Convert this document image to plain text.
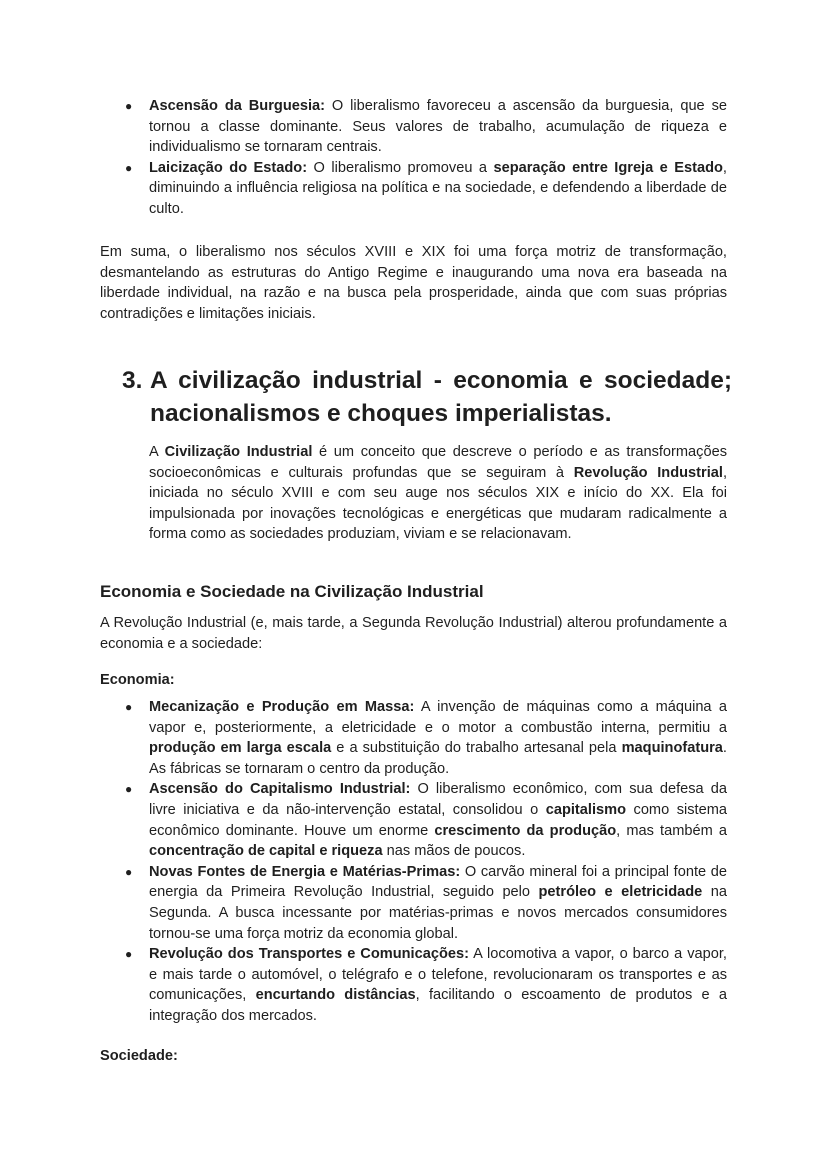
● Ascensão da Burguesia: O liberalismo favoreceu a ascensão da burguesia, que se tornou a classe dominante. Seus valores de trabalho, acumulação de riqueza e individualismo se tornaram centrais.
● Laicização do Estado: O liberalismo promoveu a separação entre Igreja e Estado, diminuindo a influência religiosa na política e na sociedade, e defendendo a liberdade de culto.
Em suma, o liberalismo nos séculos XVIII e XIX foi uma força motriz de transformação, desmantelando as estruturas do Antigo Regime e inaugurando uma nova era baseada na liberdade individual, na razão e na busca pela prosperidade, ainda que com suas próprias contradições e limitações iniciais.
3. A civilização industrial - economia e sociedade; nacionalismos e choques imperialistas.
A Civilização Industrial é um conceito que descreve o período e as transformações socioeconômicas e culturais profundas que se seguiram à Revolução Industrial, iniciada no século XVIII e com seu auge nos séculos XIX e início do XX. Ela foi impulsionada por inovações tecnológicas e energéticas que mudaram radicalmente a forma como as sociedades produziam, viviam e se relacionavam.
Economia e Sociedade na Civilização Industrial
A Revolução Industrial (e, mais tarde, a Segunda Revolução Industrial) alterou profundamente a economia e a sociedade:
Economia:
● Mecanização e Produção em Massa: A invenção de máquinas como a máquina a vapor e, posteriormente, a eletricidade e o motor a combustão interna, permitiu a produção em larga escala e a substituição do trabalho artesanal pela maquinofatura. As fábricas se tornaram o centro da produção.
● Ascensão do Capitalismo Industrial: O liberalismo econômico, com sua defesa da livre iniciativa e da não-intervenção estatal, consolidou o capitalismo como sistema econômico dominante. Houve um enorme crescimento da produção, mas também a concentração de capital e riqueza nas mãos de poucos.
● Novas Fontes de Energia e Matérias-Primas: O carvão mineral foi a principal fonte de energia da Primeira Revolução Industrial, seguido pelo petróleo e eletricidade na Segunda. A busca incessante por matérias-primas e novos mercados consumidores tornou-se uma força motriz da economia global.
● Revolução dos Transportes e Comunicações: A locomotiva a vapor, o barco a vapor, e mais tarde o automóvel, o telégrafo e o telefone, revolucionaram os transportes e as comunicações, encurtando distâncias, facilitando o escoamento de produtos e a integração dos mercados.
Sociedade:
